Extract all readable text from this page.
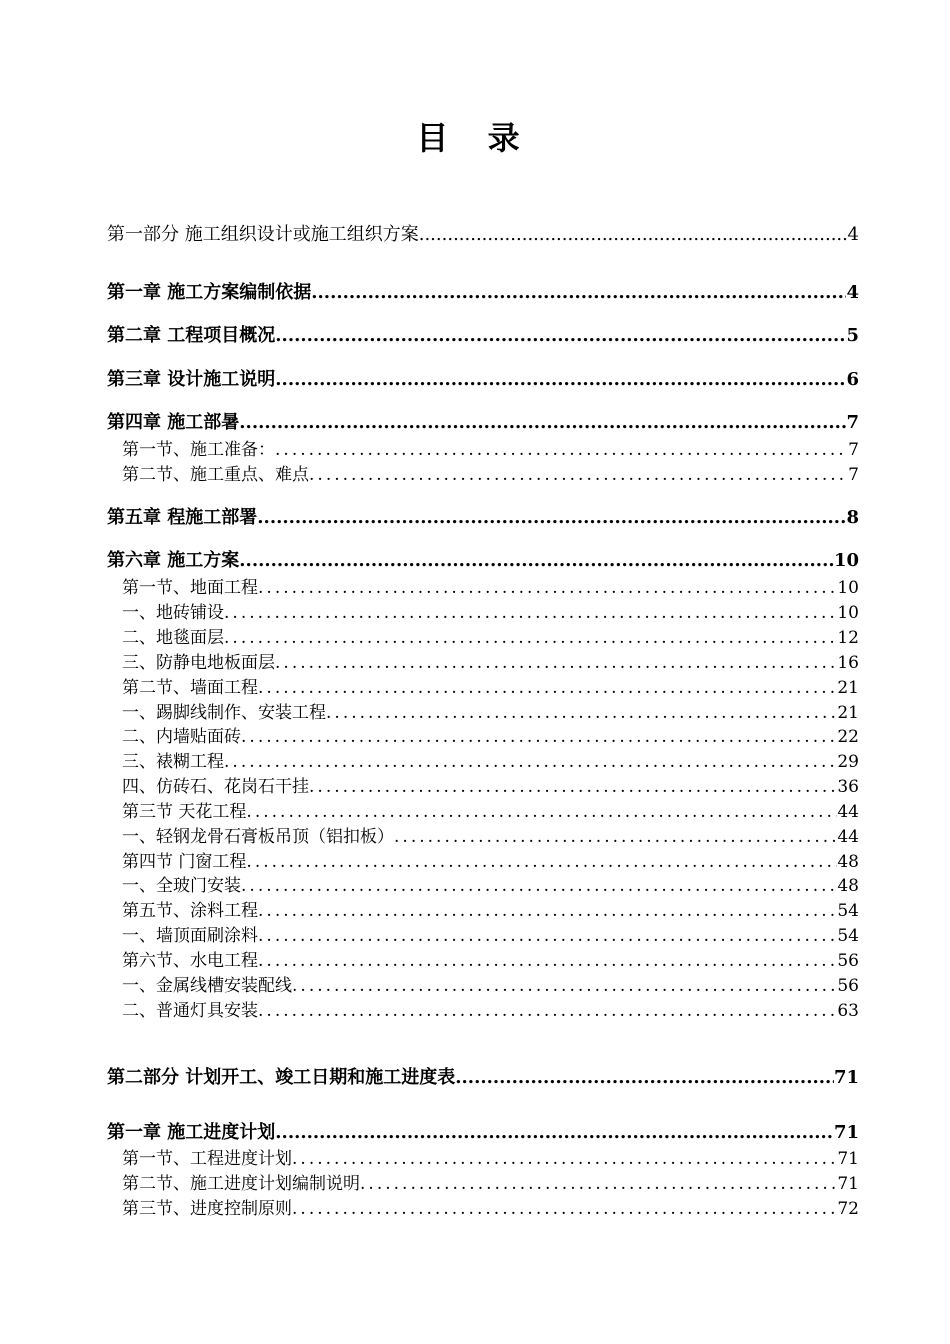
目 录
第一部分 施工组织设计或施工组织方案 .....	4
第一章 施工方案编制依据 .....	4
第二章 工程项目概况 .....	5
第三章 设计施工说明 .....	6
第四章 施工部暑 .....	7
第一节、施工准备： . .	7
第二节、施工重点、难点 . .	7
第五章 程施工部署 .....	8
第六章 施工方案 .....	10
第一节、地面工程 . .	10
一、地砖铺设 . .	10
二、地毯面层 . .	12
三、防静电地板面层 . .	16
第二节、墙面工程 . .	21
一、踢脚线制作、安装工程 . .	21
二、内墙贴面砖 . .	22
三、裱糊工程 . .	29
四、仿砖石、花岗石干挂 . .	36
第三节 天花工程 . .	44
一、轻钢龙骨石膏板吊顶（铝扣板） . .	44
第四节 门窗工程 . .	48
一、全玻门安装 . .	48
第五节、涂料工程 . .	54
一、墙顶面刷涂料 . .	54
第六节、水电工程 . .	56
一、金属线槽安装配线 . .	56
二、普通灯具安装 . .	63
第二部分 计划开工、竣工日期和施工进度表 .....	71
第一章 施工进度计划 .....	71
第一节、工程进度计划 . .	71
第二节、施工进度计划编制说明 . .	71
第三节、进度控制原则 . .	72
